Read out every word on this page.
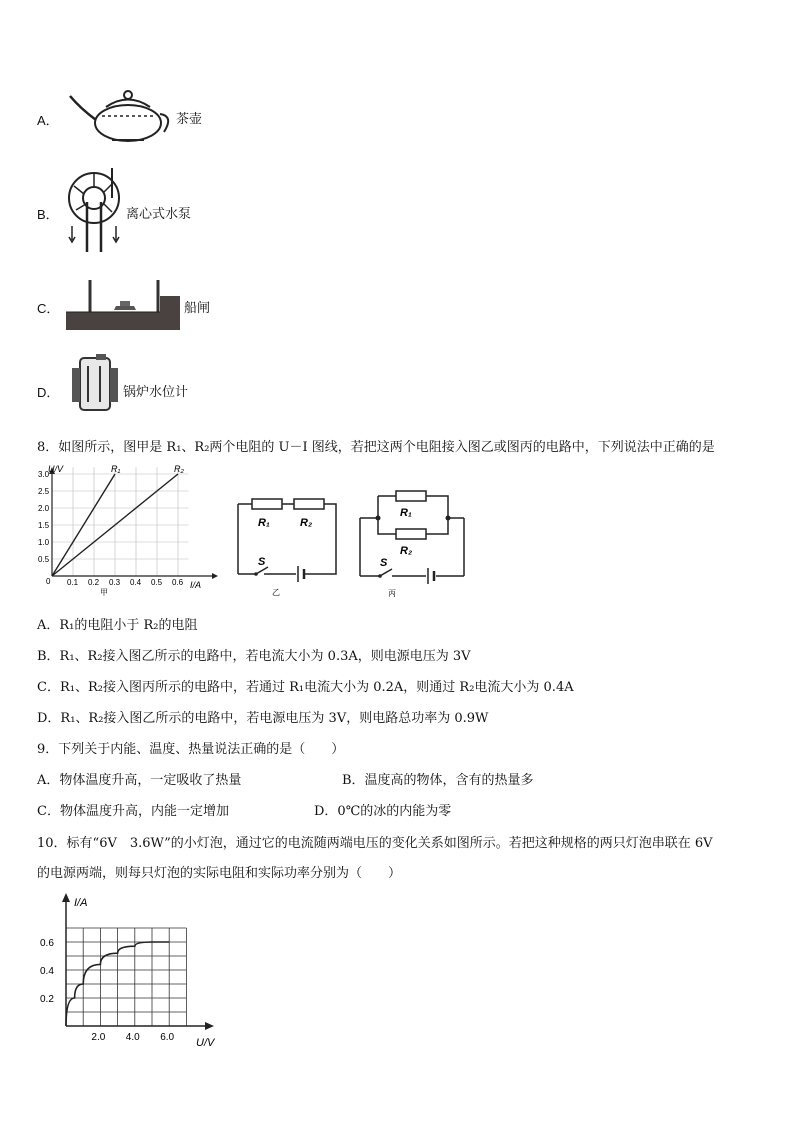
A．	茶壶
B．	离心式水泵
C．	船闸
D．	锅炉水位计
8．如图所示，图甲是 R₁、R₂两个电阻的 U－I 图线，若把这两个电阻接入图乙或图丙的电路中，下列说法中正确的是
3.0
2.5
2.0
1.5
1.0
0.5
0.1 0.2 0.3 0.4 0.5 0.6
U/V
I/A
0
R₁	R₂
甲
R₁	R₂
S
乙
R₁
R₂
S
丙
A．R₁的电阻小于 R₂的电阻
B．R₁、R₂接入图乙所示的电路中，若电流大小为 0.3A，则电源电压为 3V
C．R₁、R₂接入图丙所示的电路中，若通过 R₁电流大小为 0.2A，则通过 R₂电流大小为 0.4A
D．R₁、R₂接入图乙所示的电路中，若电源电压为 3V，则电路总功率为 0.9W
9．下列关于内能、温度、热量说法正确的是（　　）
A．物体温度升高，一定吸收了热量	B．温度高的物体，含有的热量多
C．物体温度升高，内能一定增加	D．0℃的冰的内能为零
10．标有“6V　3.6W”的小灯泡，通过它的电流随两端电压的变化关系如图所示。若把这种规格的两只灯泡串联在 6V
的电源两端，则每只灯泡的实际电阻和实际功率分别为（　　）
0.2
0.4
0.6
2.0 4.0 6.0
I/A
U/V
